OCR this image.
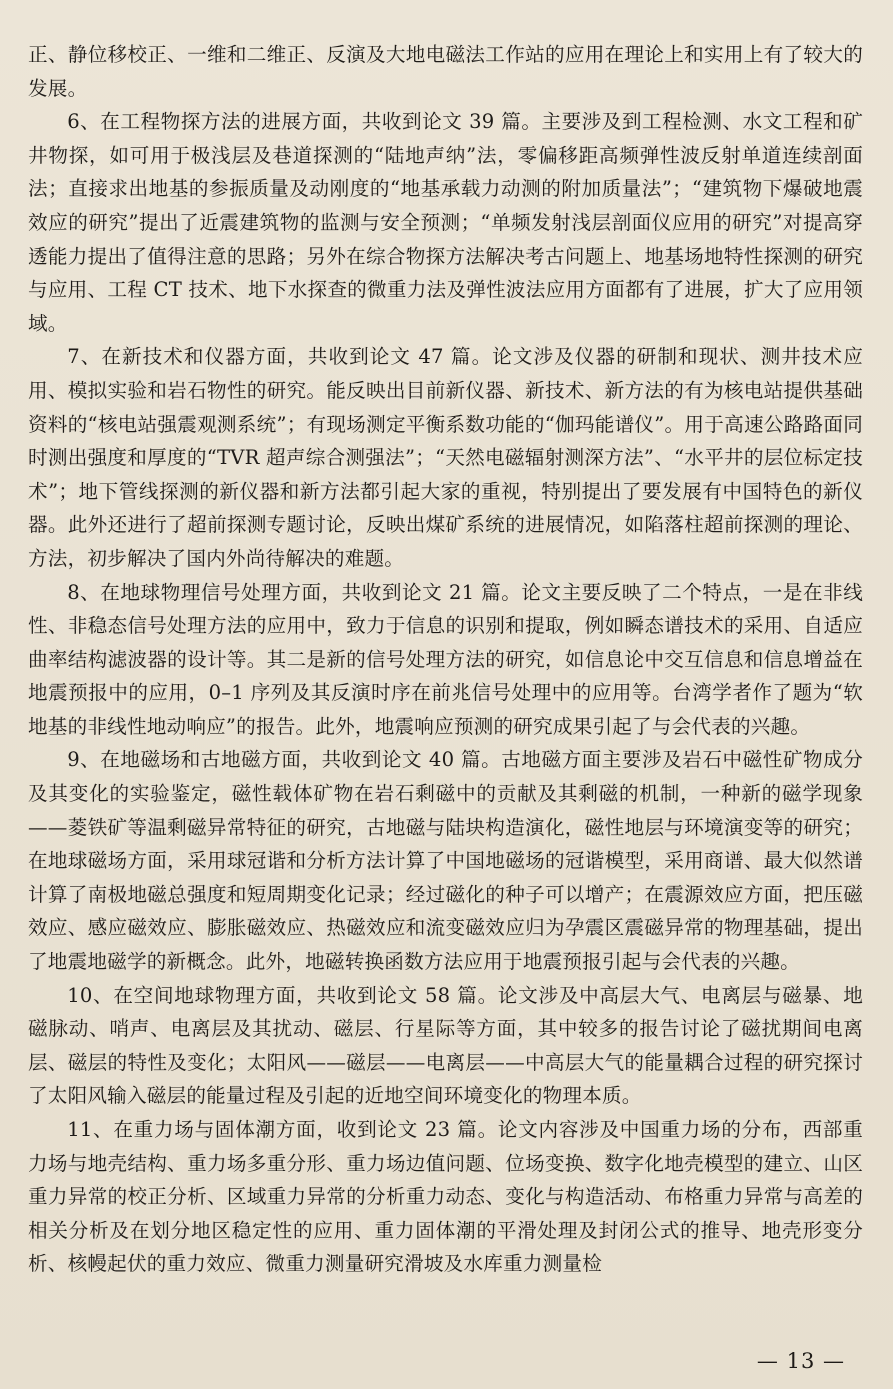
正、静位移校正、一维和二维正、反演及大地电磁法工作站的应用在理论上和实用上有了较大的发展。

6、在工程物探方法的进展方面，共收到论文 39 篇。主要涉及到工程检测、水文工程和矿井物探，如可用于极浅层及巷道探测的“陆地声纳”法，零偏移距高频弹性波反射单道连续剖面法；直接求出地基的参振质量及动刚度的“地基承载力动测的附加质量法”；“建筑物下爆破地震效应的研究”提出了近震建筑物的监测与安全预测；“单频发射浅层剖面仪应用的研究”对提高穿透能力提出了值得注意的思路；另外在综合物探方法解决考古问题上、地基场地特性探测的研究与应用、工程 CT 技术、地下水探查的微重力法及弹性波法应用方面都有了进展，扩大了应用领域。

7、在新技术和仪器方面，共收到论文 47 篇。论文涉及仪器的研制和现状、测井技术应用、模拟实验和岩石物性的研究。能反映出目前新仪器、新技术、新方法的有为核电站提供基础资料的“核电站强震观测系统”；有现场测定平衡系数功能的“伽玛能谱仪”。用于高速公路路面同时测出强度和厚度的“TVR 超声综合测强法”；“天然电磁辐射测深方法”、“水平井的层位标定技术”；地下管线探测的新仪器和新方法都引起大家的重视，特别提出了要发展有中国特色的新仪器。此外还进行了超前探测专题讨论，反映出煤矿系统的进展情况，如陷落柱超前探测的理论、方法，初步解决了国内外尚待解决的难题。

8、在地球物理信号处理方面，共收到论文 21 篇。论文主要反映了二个特点，一是在非线性、非稳态信号处理方法的应用中，致力于信息的识别和提取，例如瞬态谱技术的采用、自适应曲率结构滤波器的设计等。其二是新的信号处理方法的研究，如信息论中交互信息和信息增益在地震预报中的应用，0–1 序列及其反演时序在前兆信号处理中的应用等。台湾学者作了题为“软地基的非线性地动响应”的报告。此外，地震响应预测的研究成果引起了与会代表的兴趣。

9、在地磁场和古地磁方面，共收到论文 40 篇。古地磁方面主要涉及岩石中磁性矿物成分及其变化的实验鉴定，磁性载体矿物在岩石剩磁中的贡献及其剩磁的机制，一种新的磁学现象——菱铁矿等温剩磁异常特征的研究，古地磁与陆块构造演化，磁性地层与环境演变等的研究；在地球磁场方面，采用球冠谐和分析方法计算了中国地磁场的冠谐模型，采用商谱、最大似然谱计算了南极地磁总强度和短周期变化记录；经过磁化的种子可以增产；在震源效应方面，把压磁效应、感应磁效应、膨胀磁效应、热磁效应和流变磁效应归为孕震区震磁异常的物理基础，提出了地震地磁学的新概念。此外，地磁转换函数方法应用于地震预报引起与会代表的兴趣。

10、在空间地球物理方面，共收到论文 58 篇。论文涉及中高层大气、电离层与磁暴、地磁脉动、哨声、电离层及其扰动、磁层、行星际等方面，其中较多的报告讨论了磁扰期间电离层、磁层的特性及变化；太阳风——磁层——电离层——中高层大气的能量耦合过程的研究探讨了太阳风输入磁层的能量过程及引起的近地空间环境变化的物理本质。

11、在重力场与固体潮方面，收到论文 23 篇。论文内容涉及中国重力场的分布，西部重力场与地壳结构、重力场多重分形、重力场边值问题、位场变换、数字化地壳模型的建立、山区重力异常的校正分析、区域重力异常的分析重力动态、变化与构造活动、布格重力异常与高差的相关分析及在划分地区稳定性的应用、重力固体潮的平滑处理及封闭公式的推导、地壳形变分析、核幔起伏的重力效应、微重力测量研究滑坡及水库重力测量检

— 13 —
